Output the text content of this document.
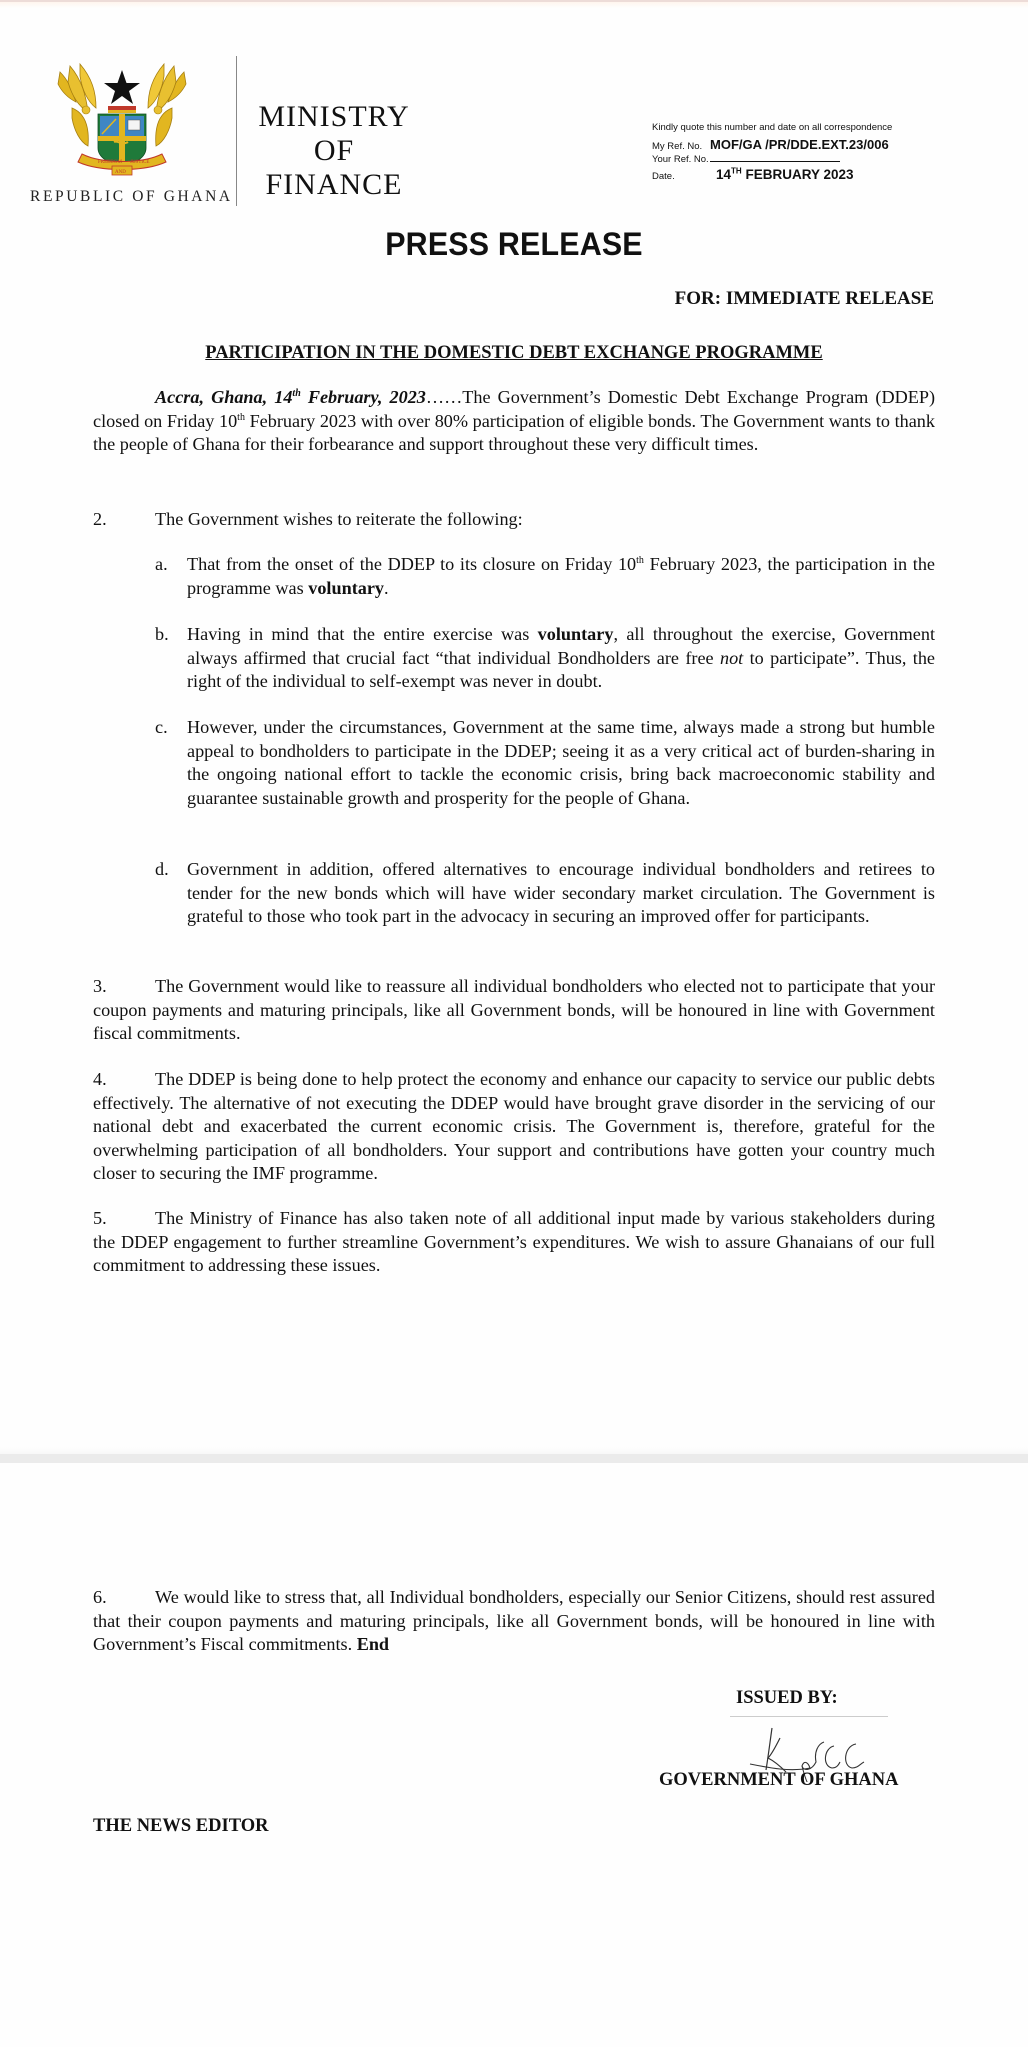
FREEDOM JUSTICE
AND
REPUBLIC OF GHANA
MINISTRY
OF
FINANCE
Kindly quote this number and date on all correspondence
My Ref. No. MOF/GA /PR/DDE.EXT.23/006
Your Ref. No.
Date.	14TH FEBRUARY 2023
PRESS RELEASE
FOR: IMMEDIATE RELEASE
PARTICIPATION IN THE DOMESTIC DEBT EXCHANGE PROGRAMME
Accra, Ghana, 14th February, 2023……The Government’s Domestic Debt Exchange Program (DDEP) closed on Friday 10th February 2023 with over 80% participation of eligible bonds. The Government wants to thank the people of Ghana for their forbearance and support throughout these very difficult times.
2.	The Government wishes to reiterate the following:
a.	That from the onset of the DDEP to its closure on Friday 10th February 2023, the participation in the programme was voluntary.
b.	Having in mind that the entire exercise was voluntary, all throughout the exercise, Government always affirmed that crucial fact “that individual Bondholders are free not to participate”. Thus, the right of the individual to self-exempt was never in doubt.
c.	However, under the circumstances, Government at the same time, always made a strong but humble appeal to bondholders to participate in the DDEP; seeing it as a very critical act of burden-sharing in the ongoing national effort to tackle the economic crisis, bring back macroeconomic stability and guarantee sustainable growth and prosperity for the people of Ghana.
d.	Government in addition, offered alternatives to encourage individual bondholders and retirees to tender for the new bonds which will have wider secondary market circulation. The Government is grateful to those who took part in the advocacy in securing an improved offer for participants.
3.	The Government would like to reassure all individual bondholders who elected not to participate that your coupon payments and maturing principals, like all Government bonds, will be honoured in line with Government fiscal commitments.
4.	The DDEP is being done to help protect the economy and enhance our capacity to service our public debts effectively. The alternative of not executing the DDEP would have brought grave disorder in the servicing of our national debt and exacerbated the current economic crisis. The Government is, therefore, grateful for the overwhelming participation of all bondholders. Your support and contributions have gotten your country much closer to securing the IMF programme.
5.	The Ministry of Finance has also taken note of all additional input made by various stakeholders during the DDEP engagement to further streamline Government’s expenditures. We wish to assure Ghanaians of our full commitment to addressing these issues.
6.	We would like to stress that, all Individual bondholders, especially our Senior Citizens, should rest assured that their coupon payments and maturing principals, like all Government bonds, will be honoured in line with Government’s Fiscal commitments. End
ISSUED BY:
GOVERNMENT OF GHANA
THE NEWS EDITOR
